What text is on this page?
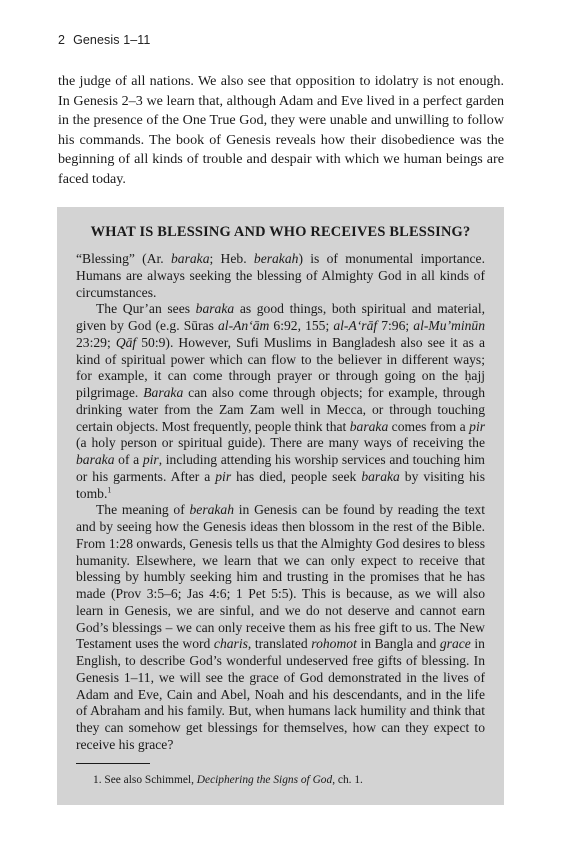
2 Genesis 1–11

the judge of all nations. We also see that opposition to idolatry is not enough. In Genesis 2–3 we learn that, although Adam and Eve lived in a perfect garden in the presence of the One True God, they were unable and unwilling to follow his commands. The book of Genesis reveals how their disobedience was the beginning of all kinds of trouble and despair with which we human beings are faced today.

WHAT IS BLESSING AND WHO RECEIVES BLESSING?

“Blessing” (Ar. baraka; Heb. berakah) is of monumental importance. Humans are always seeking the blessing of Almighty God in all kinds of circumstances.

The Qur’an sees baraka as good things, both spiritual and material, given by God (e.g. Sūras al-An‘ām 6:92, 155; al-A‘rāf 7:96; al-Mu’minūn 23:29; Qāf 50:9). However, Sufi Muslims in Bangladesh also see it as a kind of spiritual power which can flow to the believer in different ways; for example, it can come through prayer or through going on the ḥajj pilgrimage. Baraka can also come through objects; for example, through drinking water from the Zam Zam well in Mecca, or through touching certain objects. Most frequently, people think that baraka comes from a pir (a holy person or spiritual guide). There are many ways of receiving the baraka of a pir, including attending his worship services and touching him or his garments. After a pir has died, people seek baraka by visiting his tomb.$^1$

The meaning of berakah in Genesis can be found by reading the text and by seeing how the Genesis ideas then blossom in the rest of the Bible. From 1:28 onwards, Genesis tells us that the Almighty God desires to bless humanity. Elsewhere, we learn that we can only expect to receive that blessing by humbly seeking him and trusting in the promises that he has made (Prov 3:5–6; Jas 4:6; 1 Pet 5:5). This is because, as we will also learn in Genesis, we are sinful, and we do not deserve and cannot earn God’s blessings – we can only receive them as his free gift to us. The New Testament uses the word charis, translated rohomot in Bangla and grace in English, to describe God’s wonderful undeserved free gifts of blessing. In Genesis 1–11, we will see the grace of God demonstrated in the lives of Adam and Eve, Cain and Abel, Noah and his descendants, and in the life of Abraham and his family. But, when humans lack humility and think that they can somehow get blessings for themselves, how can they expect to receive his grace?

1. See also Schimmel, Deciphering the Signs of God, ch. 1.
